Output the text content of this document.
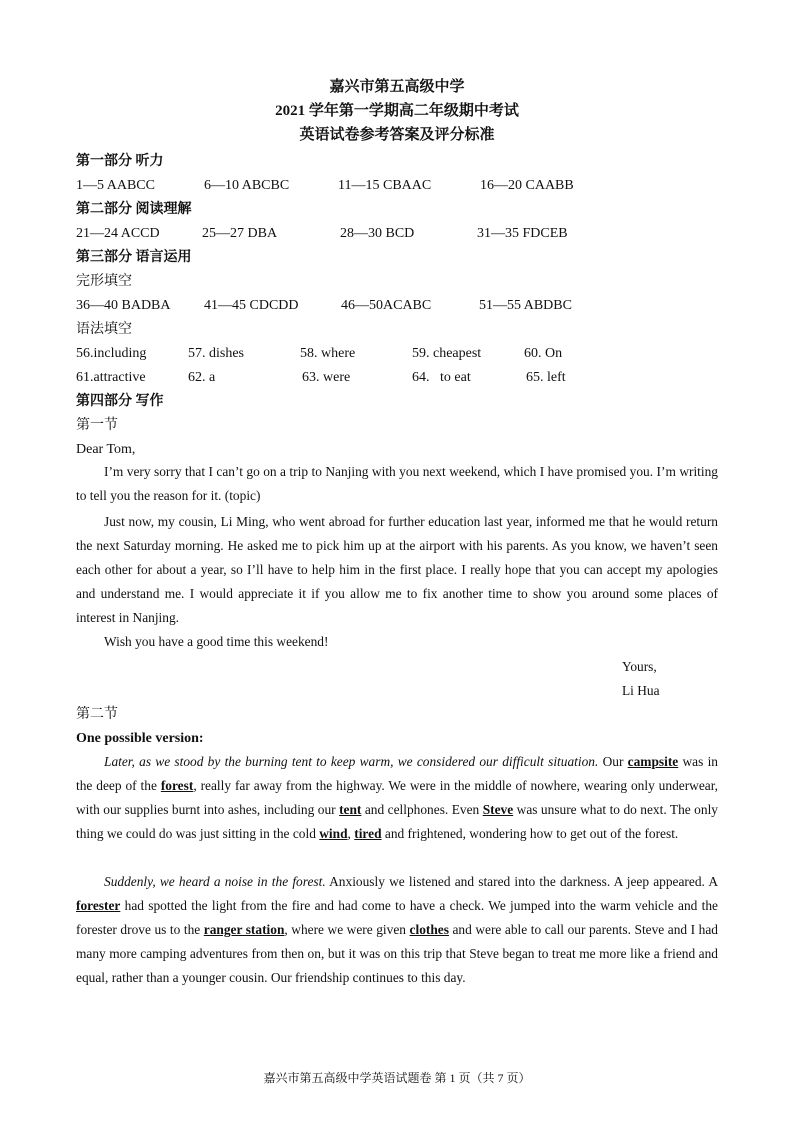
嘉兴市第五高级中学
2021 学年第一学期高二年级期中考试
英语试卷参考答案及评分标准
第一部分 听力
1—5 AABCC	6—10 ABCBC	11—15 CBAAC	16—20 CAABB
第二部分 阅读理解
21—24 ACCD	25—27 DBA	28—30 BCD	31—35 FDCEB
第三部分 语言运用
完形填空
36—40 BADBA 41—45 CDCDD	46—50ACABC	51—55 ABDBC
语法填空
56.including	57. dishes	58. where	59. cheapest	60. On
61.attractive	62. a	63. were	64.   to eat	65. left
第四部分 写作
第一节
Dear Tom,

I’m very sorry that I can’t go on a trip to Nanjing with you next weekend, which I have promised you. I’m writing to tell you the reason for it. (topic)

Just now, my cousin, Li Ming, who went abroad for further education last year, informed me that he would return the next Saturday morning. He asked me to pick him up at the airport with his parents. As you know, we haven’t seen each other for about a year, so I’ll have to help him in the first place. I really hope that you can accept my apologies and understand me. I would appreciate it if you allow me to fix another time to show you around some places of interest in Nanjing.

Wish you have a good time this weekend!

Yours,
Li Hua
第二节
One possible version:

Later, as we stood by the burning tent to keep warm, we considered our difficult situation. Our campsite was in the deep of the forest, really far away from the highway. We were in the middle of nowhere, wearing only underwear, with our supplies burnt into ashes, including our tent and cellphones. Even Steve was unsure what to do next. The only thing we could do was just sitting in the cold wind, tired and frightened, wondering how to get out of the forest.

Suddenly, we heard a noise in the forest. Anxiously we listened and stared into the darkness. A jeep appeared. A forester had spotted the light from the fire and had come to have a check. We jumped into the warm vehicle and the forester drove us to the ranger station, where we were given clothes and were able to call our parents. Steve and I had many more camping adventures from then on, but it was on this trip that Steve began to treat me more like a friend and equal, rather than a younger cousin. Our friendship continues to this day.

嘉兴市第五高级中学英语试题卷 第 1 页（共 7 页）
